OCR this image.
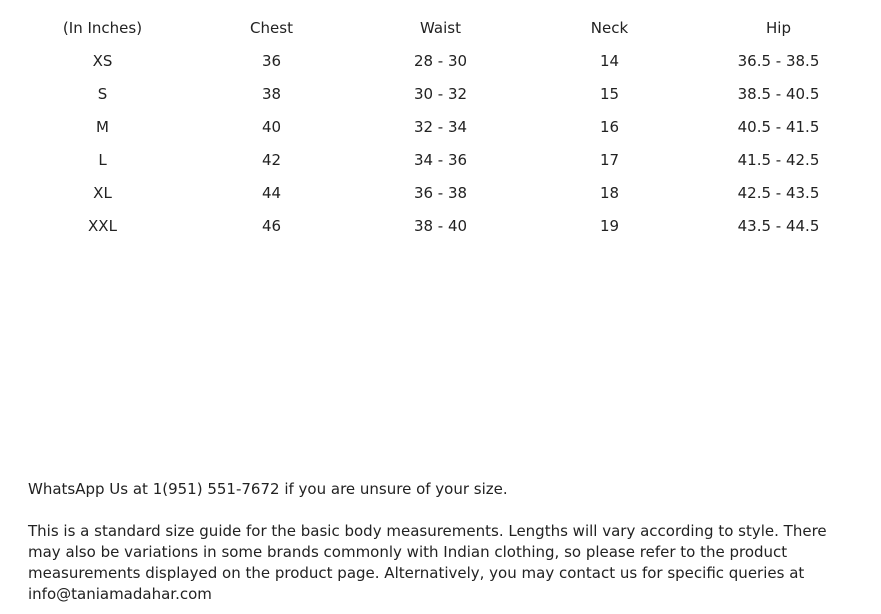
(In Inches)	Chest	Waist	Neck	Hip
XS	36	28 - 30	14	36.5 - 38.5
S	38	30 - 32	15	38.5 - 40.5
M	40	32 - 34	16	40.5 - 41.5
L	42	34 - 36	17	41.5 - 42.5
XL	44	36 - 38	18	42.5 - 43.5
XXL	46	38 - 40	19	43.5 - 44.5

WhatsApp Us at 1(951) 551-7672 if you are unsure of your size.

This is a standard size guide for the basic body measurements. Lengths will vary according to style. There may also be variations in some brands commonly with Indian clothing, so please refer to the product measurements displayed on the product page. Alternatively, you may contact us for specific queries at info@taniamadahar.com
